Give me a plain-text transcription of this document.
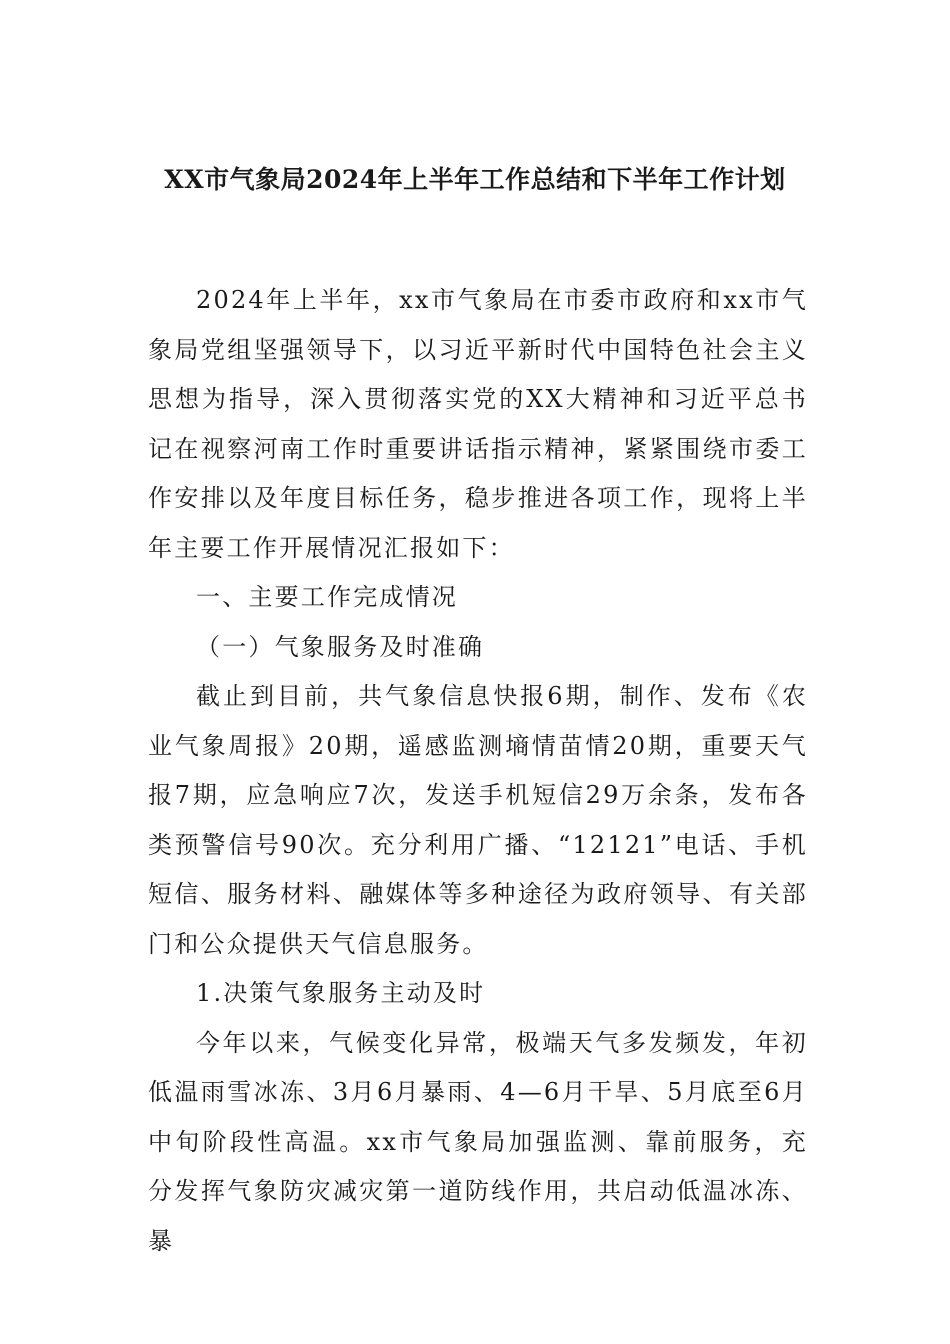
XX市气象局2024年上半年工作总结和下半年工作计划

2024年上半年，xx市气象局在市委市政府和xx市气象局党组坚强领导下，以习近平新时代中国特色社会主义思想为指导，深入贯彻落实党的XX大精神和习近平总书记在视察河南工作时重要讲话指示精神，紧紧围绕市委工作安排以及年度目标任务，稳步推进各项工作，现将上半年主要工作开展情况汇报如下：

一、主要工作完成情况

（一）气象服务及时准确

截止到目前，共气象信息快报6期，制作、发布《农业气象周报》20期，遥感监测墒情苗情20期，重要天气报7期，应急响应7次，发送手机短信29万余条，发布各类预警信号90次。充分利用广播、“12121”电话、手机短信、服务材料、融媒体等多种途径为政府领导、有关部门和公众提供天气信息服务。

1.决策气象服务主动及时

今年以来，气候变化异常，极端天气多发频发，年初低温雨雪冰冻、3月6月暴雨、4—6月干旱、5月底至6月中旬阶段性高温。xx市气象局加强监测、靠前服务，充分发挥气象防灾减灾第一道防线作用，共启动低温冰冻、暴
